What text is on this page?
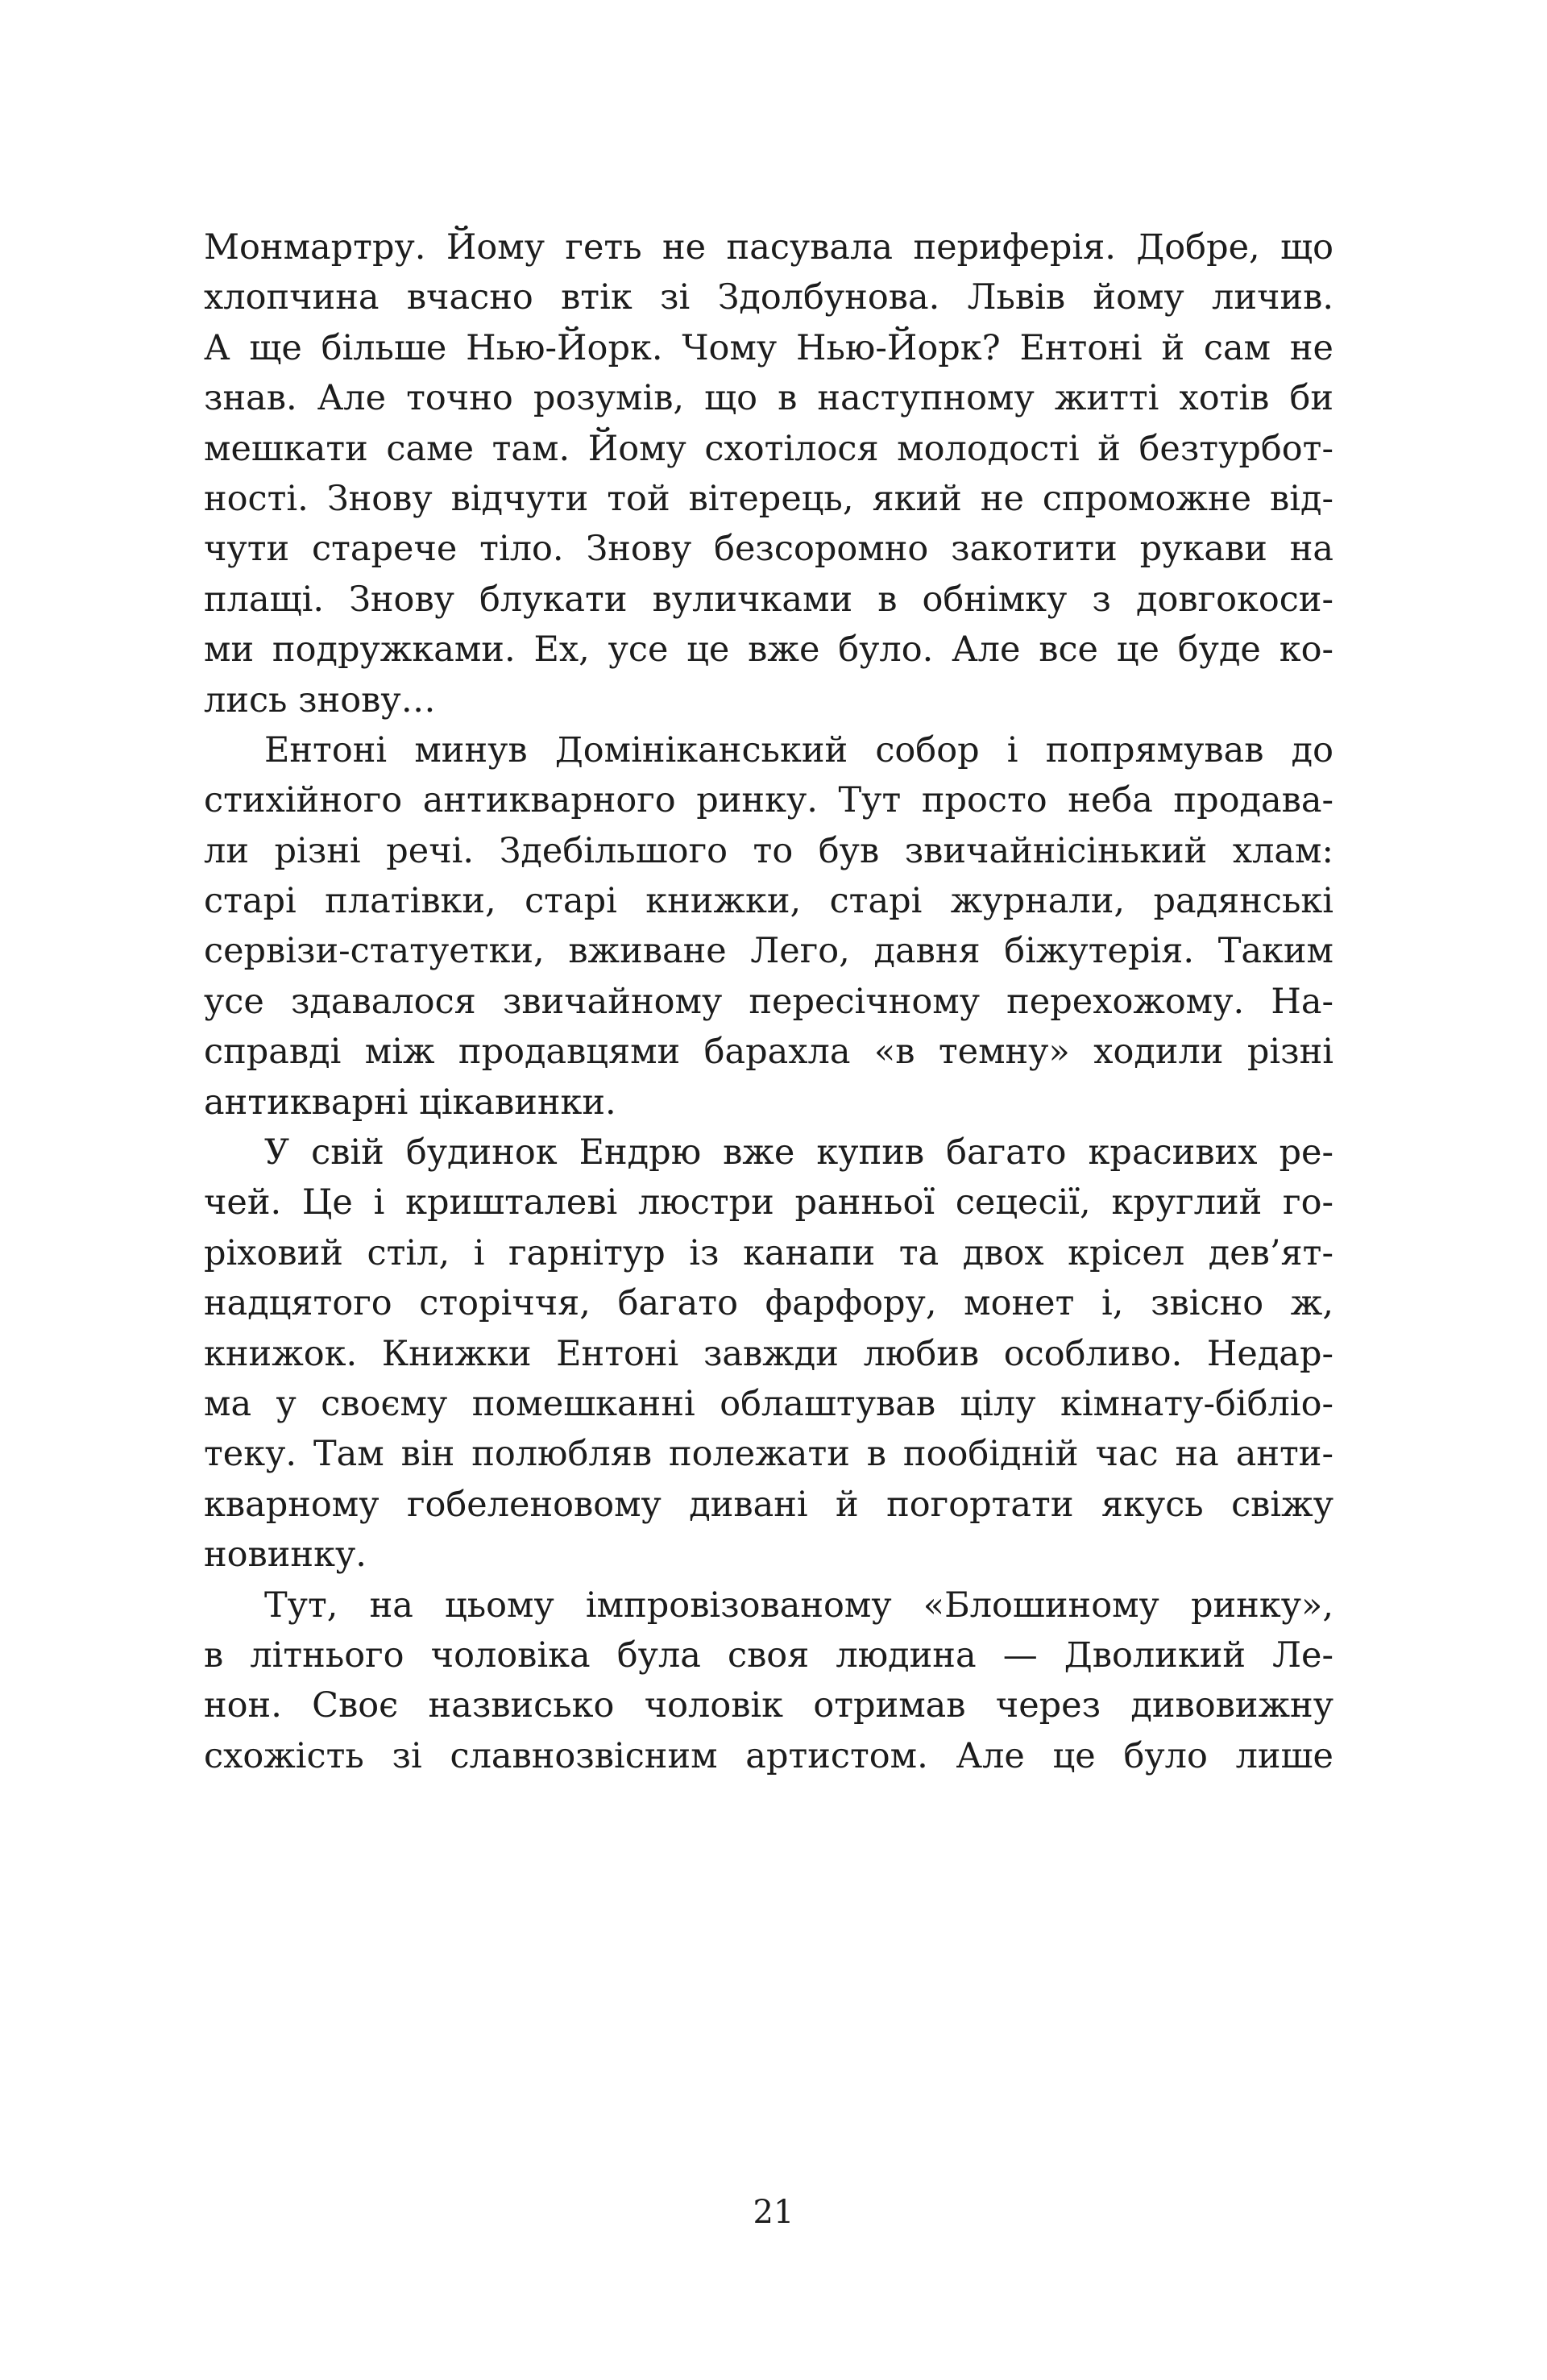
Монмартру. Йому геть не пасувала периферія. Добре, що
хлопчина вчасно втік зі Здолбунова. Львів йому личив.
А ще більше Нью-Йорк. Чому Нью-Йорк? Ентоні й сам не
знав. Але точно розумів, що в наступному житті хотів би
мешкати саме там. Йому схотілося молодості й безтурбот-
ності. Знову відчути той вітерець, який не спроможне від-
чути старече тіло. Знову безсоромно закотити рукави на
плащі. Знову блукати вуличками в обнімку з довгокоси-
ми подружками. Ех, усе це вже було. Але все це буде ко-
лись знову…
Ентоні минув Домініканський собор і попрямував до
стихійного антикварного ринку. Тут просто неба продава-
ли різні речі. Здебільшого то був звичайнісінький хлам:
старі платівки, старі книжки, старі журнали, радянські
сервізи-статуетки, вживане Лего, давня біжутерія. Таким
усе здавалося звичайному пересічному перехожому. На-
справді між продавцями барахла «в темну» ходили різні
антикварні цікавинки.
У свій будинок Ендрю вже купив багато красивих ре-
чей. Це і кришталеві люстри ранньої сецесії, круглий го-
ріховий стіл, і гарнітур із канапи та двох крісел дев’ят-
надцятого сторіччя, багато фарфору, монет і, звісно ж,
книжок. Книжки Ентоні завжди любив особливо. Недар-
ма у своєму помешканні облаштував цілу кімнату-бібліо-
теку. Там він полюбляв полежати в пообідній час на анти-
кварному гобеленовому дивані й погортати якусь свіжу
новинку.
Тут, на цьому імпровізованому «Блошиному ринку»,
в літнього чоловіка була своя людина — Дволикий Ле-
нон. Своє назвисько чоловік отримав через дивовижну
схожість зі славнозвісним артистом. Але це було лише
21
